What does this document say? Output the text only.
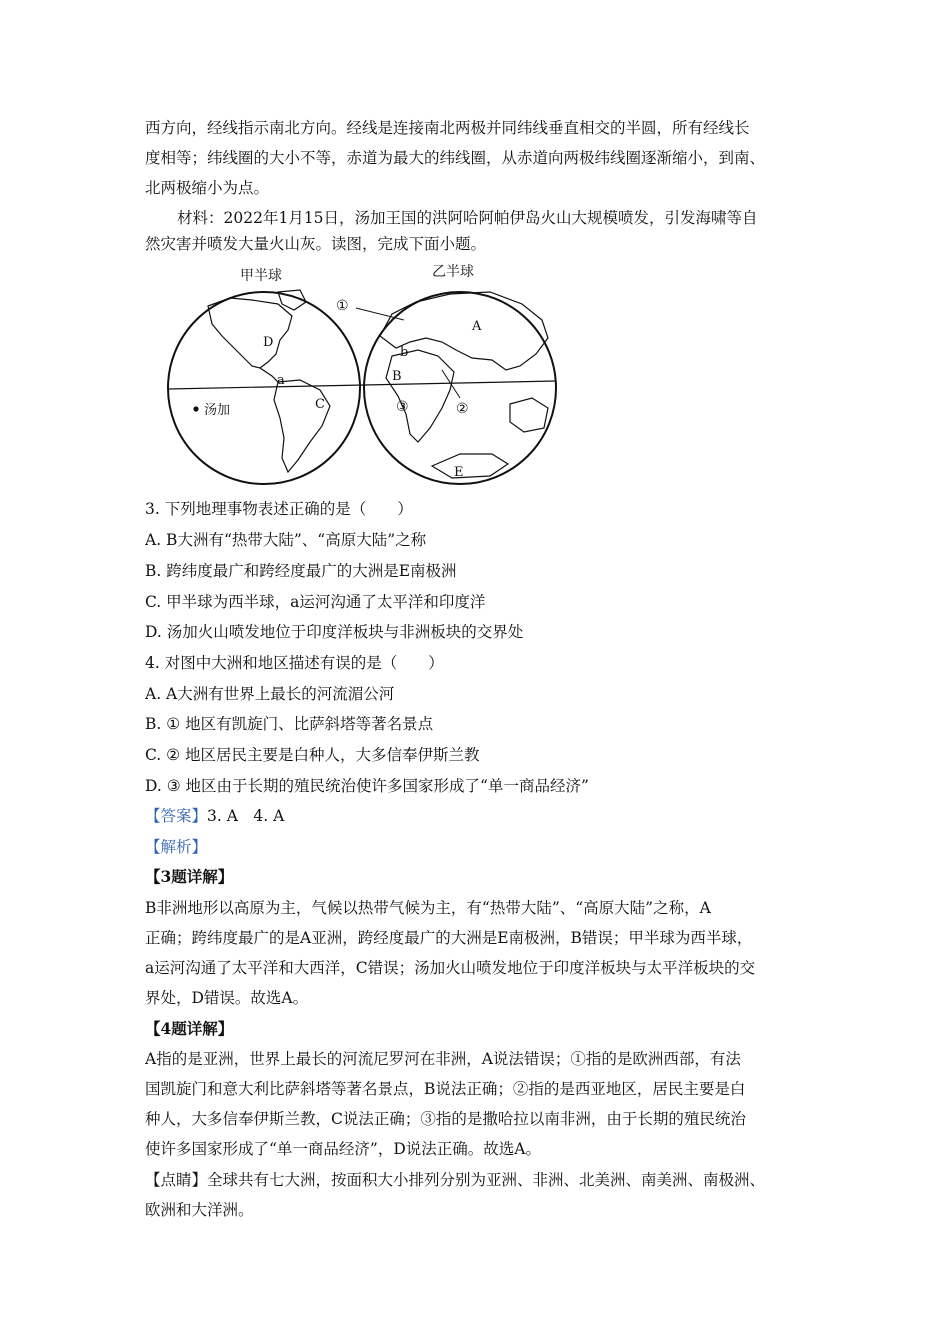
西方向，经线指示南北方向。经线是连接南北两极并同纬线垂直相交的半圆，所有经线长
度相等；纬线圈的大小不等，赤道为最大的纬线圈，从赤道向两极纬线圈逐渐缩小，到南、
北两极缩小为点。
材料：2022年1月15日，汤加王国的洪阿哈阿帕伊岛火山大规模喷发，引发海啸等自
然灾害并喷发大量火山灰。读图，完成下面小题。
甲半球	乙半球
D
a
C
汤加
①
A
b
B
③	②
E
3. 下列地理事物表述正确的是（　　）
A. B大洲有“热带大陆”、“高原大陆”之称
B. 跨纬度最广和跨经度最广的大洲是E南极洲
C. 甲半球为西半球，a运河沟通了太平洋和印度洋
D. 汤加火山喷发地位于印度洋板块与非洲板块的交界处
4. 对图中大洲和地区描述有误的是（　　）
A. A大洲有世界上最长的河流湄公河
B. ① 地区有凯旋门、比萨斜塔等著名景点
C. ② 地区居民主要是白种人，大多信奉伊斯兰教
D. ③ 地区由于长期的殖民统治使许多国家形成了“单一商品经济”
【答案】3. A　4. A
【解析】
【3题详解】
B非洲地形以高原为主，气候以热带气候为主，有“热带大陆”、“高原大陆”之称，A
正确；跨纬度最广的是A亚洲，跨经度最广的大洲是E南极洲，B错误；甲半球为西半球，
a运河沟通了太平洋和大西洋，C错误；汤加火山喷发地位于印度洋板块与太平洋板块的交
界处，D错误。故选A。
【4题详解】
A指的是亚洲，世界上最长的河流尼罗河在非洲，A说法错误；①指的是欧洲西部，有法
国凯旋门和意大利比萨斜塔等著名景点，B说法正确；②指的是西亚地区，居民主要是白
种人，大多信奉伊斯兰教，C说法正确；③指的是撒哈拉以南非洲，由于长期的殖民统治
使许多国家形成了“单一商品经济”，D说法正确。故选A。
【点睛】全球共有七大洲，按面积大小排列分别为亚洲、非洲、北美洲、南美洲、南极洲、
欧洲和大洋洲。
